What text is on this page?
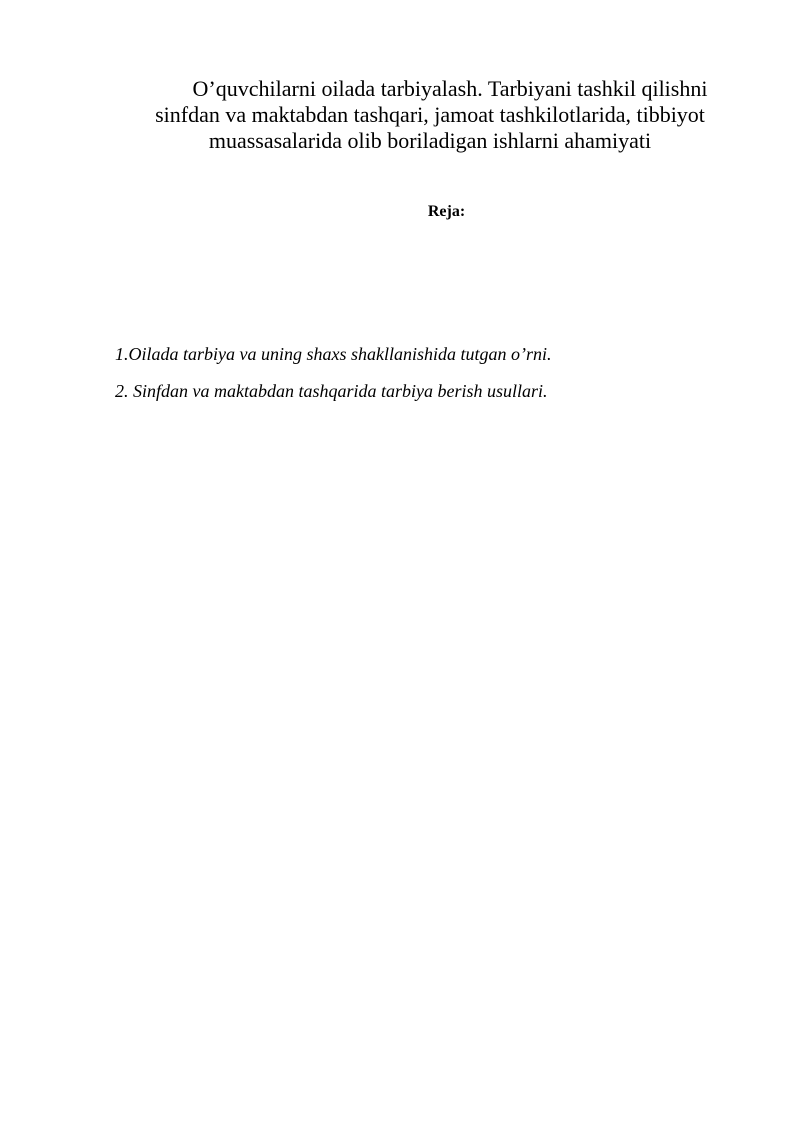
O’quvchilarni oilada tarbiyalash. Tarbiyani tashkil qilishni
sinfdan va maktabdan tashqari, jamoat tashkilotlarida, tibbiyot
muassasalarida olib boriladigan ishlarni ahamiyati

Reja:

1.Oilada tarbiya va uning shaxs shakllanishida tutgan o’rni.
2. Sinfdan va maktabdan tashqarida tarbiya berish usullari.
